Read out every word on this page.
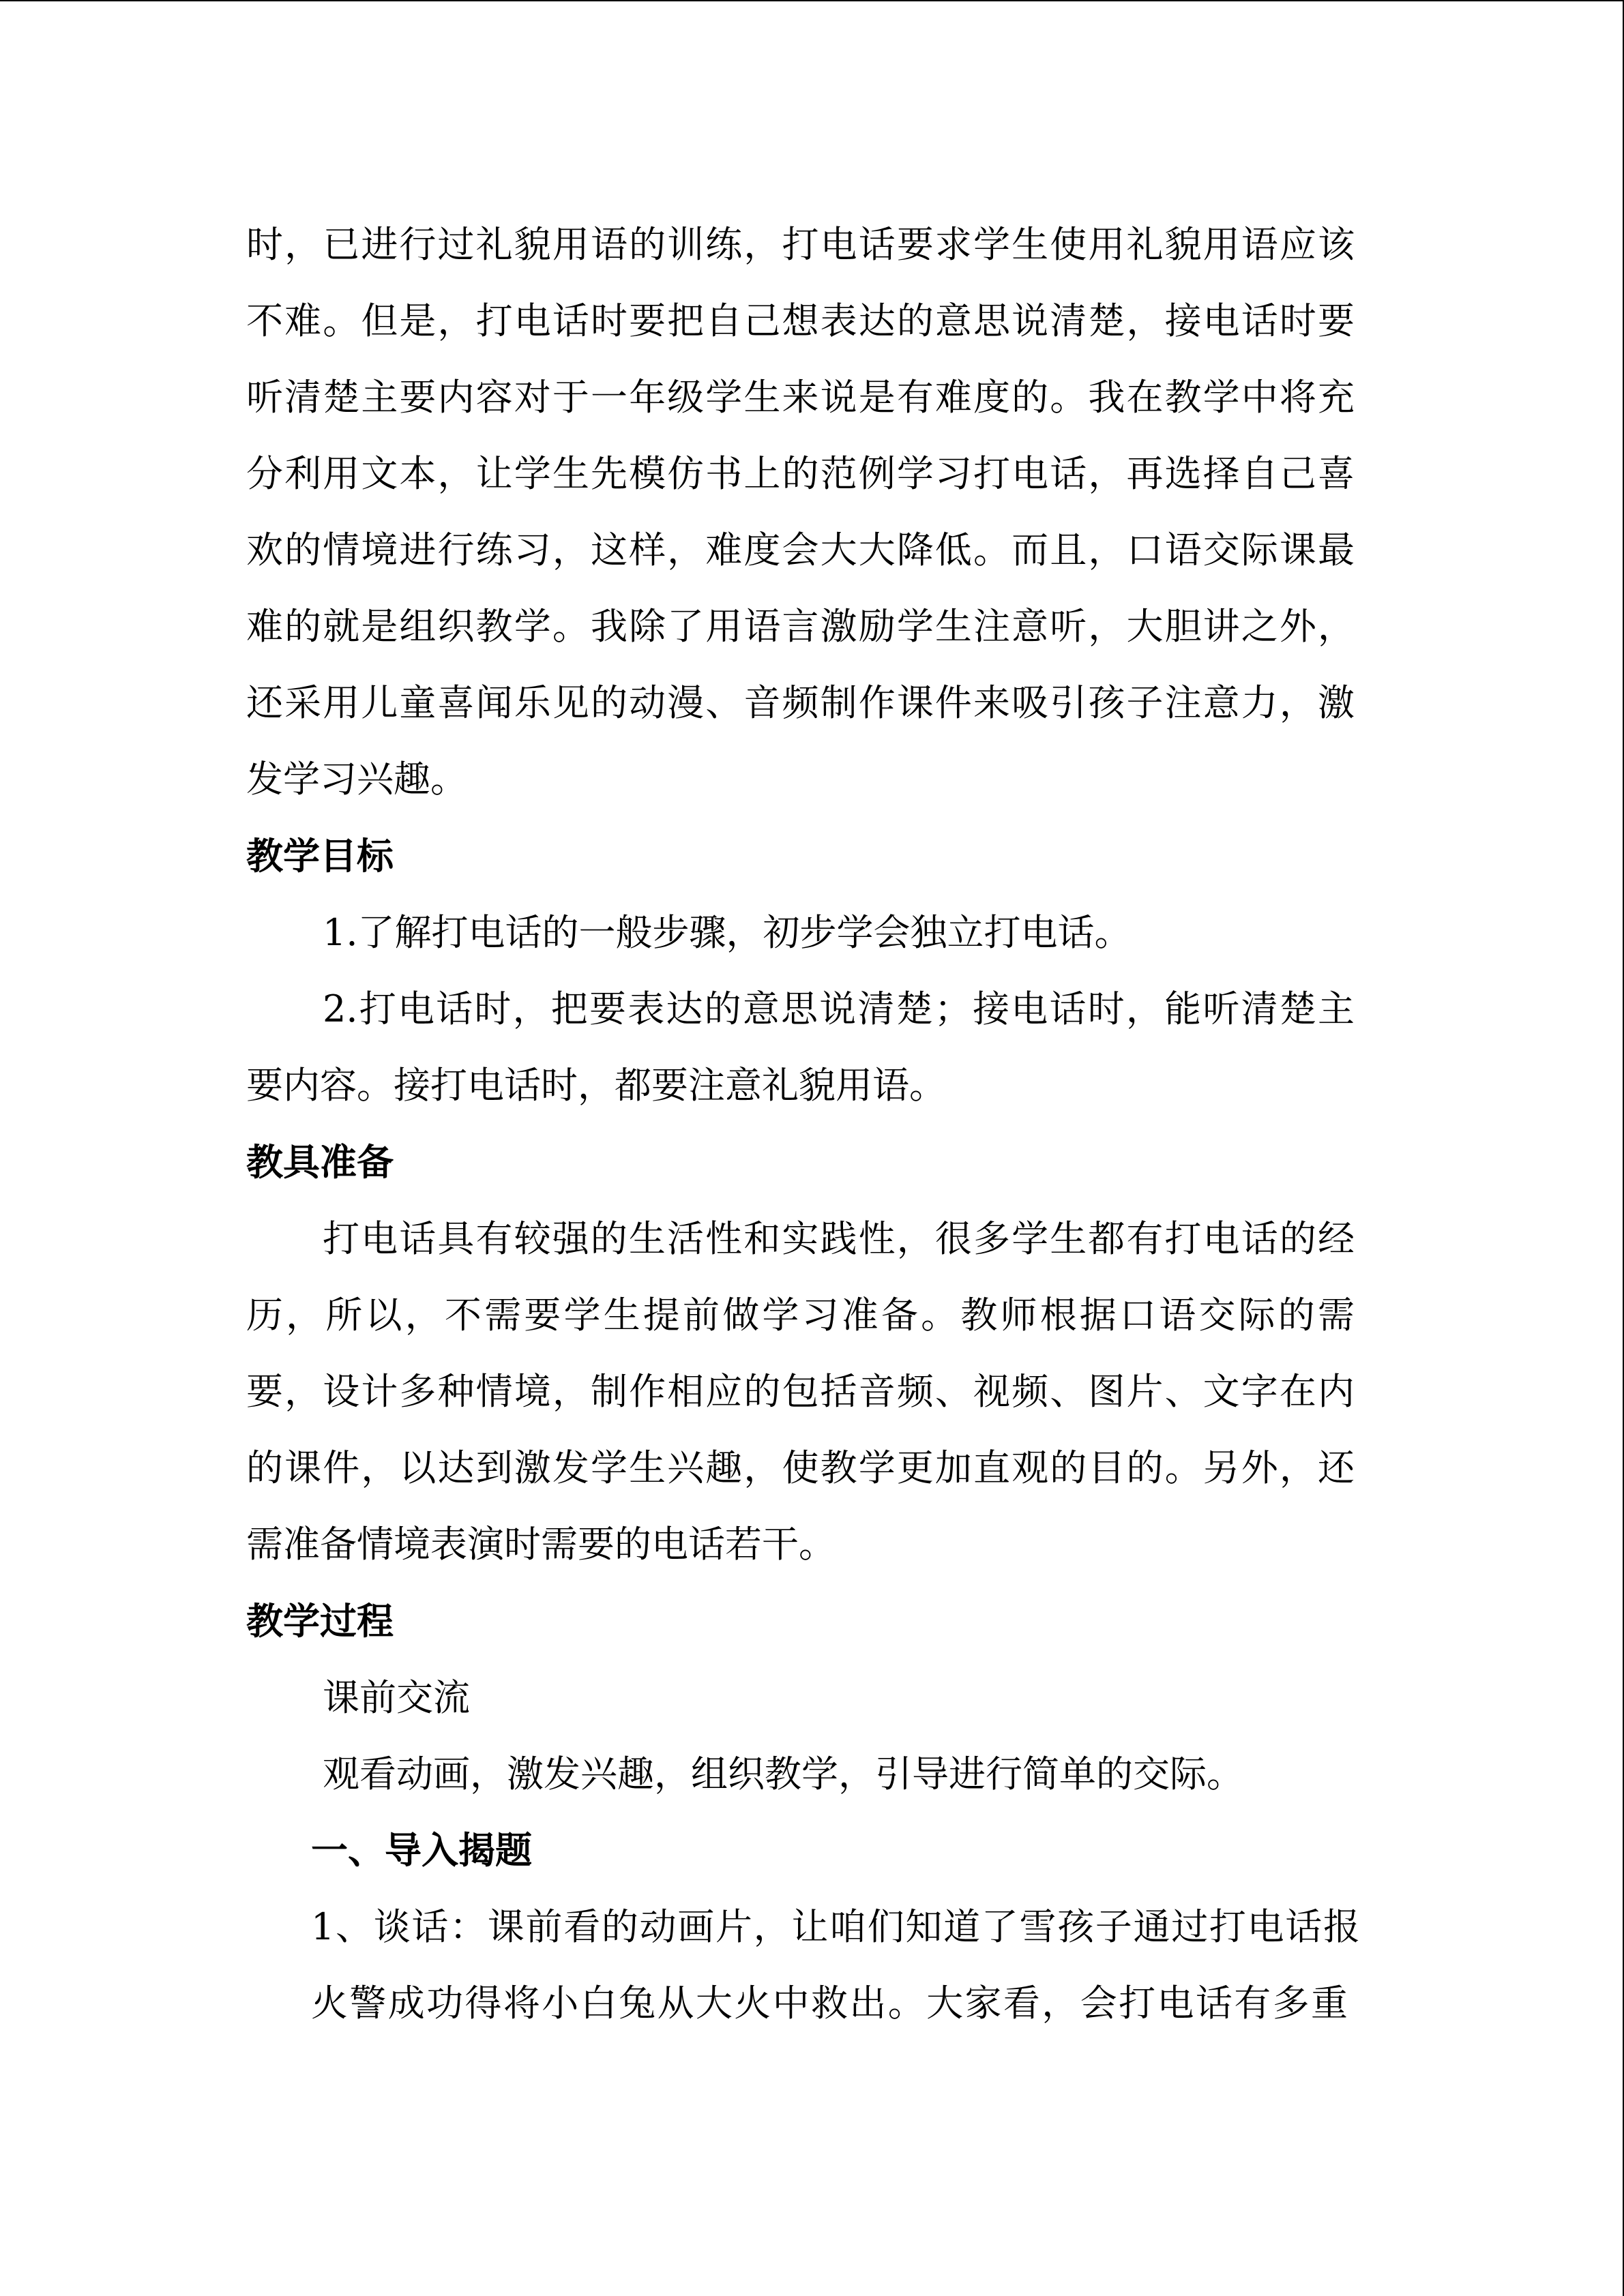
时，已进行过礼貌用语的训练，打电话要求学生使用礼貌用语应该
不难。但是，打电话时要把自己想表达的意思说清楚，接电话时要
听清楚主要内容对于一年级学生来说是有难度的。我在教学中将充
分利用文本，让学生先模仿书上的范例学习打电话，再选择自己喜
欢的情境进行练习，这样，难度会大大降低。而且，口语交际课最
难的就是组织教学。我除了用语言激励学生注意听，大胆讲之外，
还采用儿童喜闻乐见的动漫、音频制作课件来吸引孩子注意力，激
发学习兴趣。
教学目标
1.了解打电话的一般步骤，初步学会独立打电话。
2.打电话时，把要表达的意思说清楚；接电话时，能听清楚主
要内容。接打电话时，都要注意礼貌用语。
教具准备
打电话具有较强的生活性和实践性，很多学生都有打电话的经
历，所以，不需要学生提前做学习准备。教师根据口语交际的需
要，设计多种情境，制作相应的包括音频、视频、图片、文字在内
的课件，以达到激发学生兴趣，使教学更加直观的目的。另外，还
需准备情境表演时需要的电话若干。
教学过程
课前交流
观看动画，激发兴趣，组织教学，引导进行简单的交际。
一、导入揭题
1、谈话：课前看的动画片，让咱们知道了雪孩子通过打电话报
火警成功得将小白兔从大火中救出。大家看，会打电话有多重
